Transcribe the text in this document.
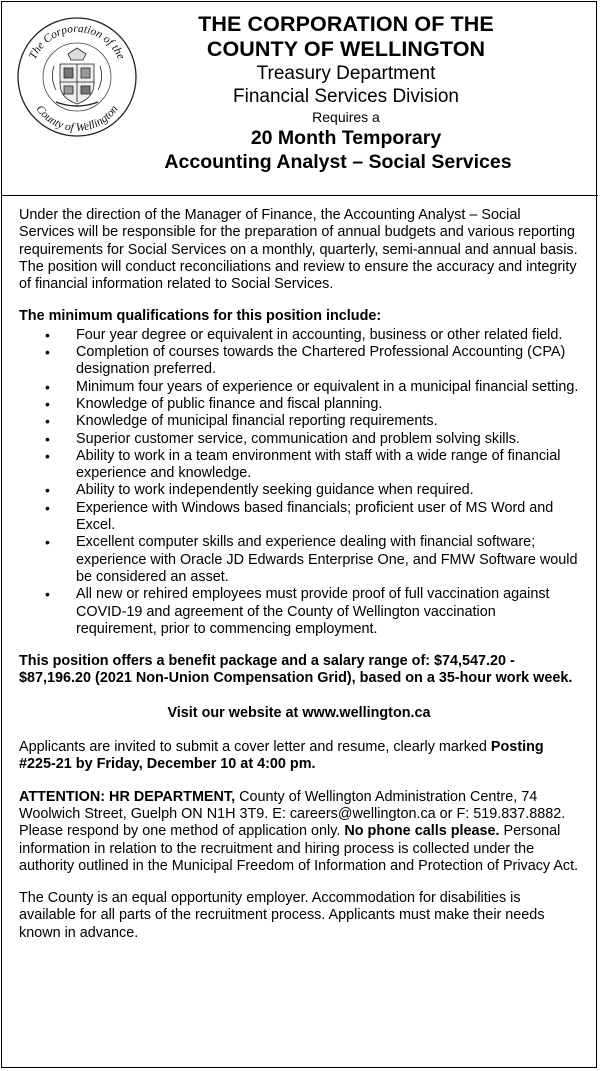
The Corporation of the
County of Wellington
THE CORPORATION OF THE
COUNTY OF WELLINGTON
Treasury Department
Financial Services Division
Requires a
20 Month Temporary
Accounting Analyst – Social Services

Under the direction of the Manager of Finance, the Accounting Analyst – Social Services will be responsible for the preparation of annual budgets and various reporting requirements for Social Services on a monthly, quarterly, semi-annual and annual basis. The position will conduct reconciliations and review to ensure the accuracy and integrity of financial information related to Social Services.

The minimum qualifications for this position include:

• Four year degree or equivalent in accounting, business or other related field.
• Completion of courses towards the Chartered Professional Accounting (CPA) designation preferred.
• Minimum four years of experience or equivalent in a municipal financial setting.
• Knowledge of public finance and fiscal planning.
• Knowledge of municipal financial reporting requirements.
• Superior customer service, communication and problem solving skills.
• Ability to work in a team environment with staff with a wide range of financial experience and knowledge.
• Ability to work independently seeking guidance when required.
• Experience with Windows based financials; proficient user of MS Word and Excel.
• Excellent computer skills and experience dealing with financial software; experience with Oracle JD Edwards Enterprise One, and FMW Software would be considered an asset.
• All new or rehired employees must provide proof of full vaccination against COVID-19 and agreement of the County of Wellington vaccination requirement, prior to commencing employment.

This position offers a benefit package and a salary range of: $74,547.20 - $87,196.20 (2021 Non-Union Compensation Grid), based on a 35-hour work week.

Visit our website at www.wellington.ca

Applicants are invited to submit a cover letter and resume, clearly marked Posting #225-21 by Friday, December 10 at 4:00 pm.

ATTENTION: HR DEPARTMENT, County of Wellington Administration Centre, 74 Woolwich Street, Guelph ON N1H 3T9. E: careers@wellington.ca or F: 519.837.8882. Please respond by one method of application only. No phone calls please. Personal information in relation to the recruitment and hiring process is collected under the authority outlined in the Municipal Freedom of Information and Protection of Privacy Act.

The County is an equal opportunity employer. Accommodation for disabilities is available for all parts of the recruitment process. Applicants must make their needs known in advance.
